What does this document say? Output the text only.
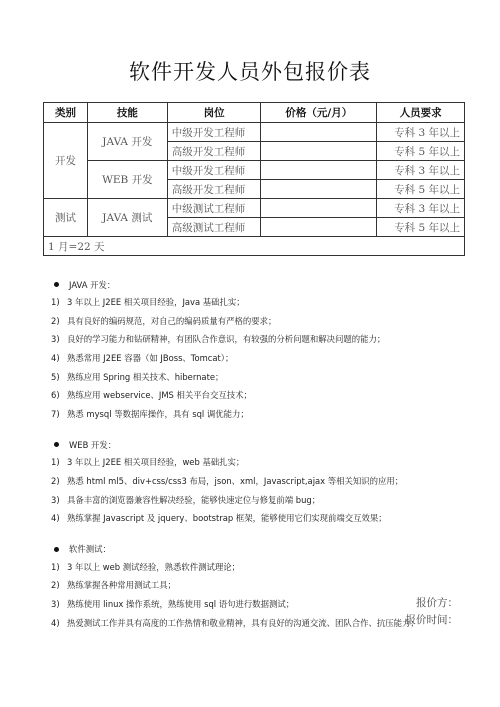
软件开发人员外包报价表
类别	技能	岗位	价格（元/月）	人员要求
开发	JAVA 开发	中级开发工程师		专科 3 年以上
		高级开发工程师		专科 5 年以上
	WEB 开发	中级开发工程师		专科 3 年以上
		高级开发工程师		专科 5 年以上
测试	JAVA 测试	中级测试工程师		专科 3 年以上
		高级测试工程师		专科 5 年以上
1 月=22 天				
JAVA 开发：
1) 3 年以上 J2EE 相关项目经验，Java 基础扎实；
2) 具有良好的编码规范，对自己的编码质量有严格的要求；
3) 良好的学习能力和钻研精神，有团队合作意识，有较强的分析问题和解决问题的能力；
4) 熟悉常用 J2EE 容器（如 JBoss、Tomcat）；
5) 熟练应用 Spring 相关技术、hibernate；
6) 熟练应用 webservice、JMS 相关平台交互技术；
7) 熟悉 mysql 等数据库操作，具有 sql 调优能力；
WEB 开发：
1) 3 年以上 J2EE 相关项目经验，web 基础扎实；
2) 熟悉 html ml5、div+css/css3 布局，json、xml，Javascript,ajax 等相关知识的应用；
3) 具备丰富的浏览器兼容性解决经验，能够快速定位与修复前端 bug；
4) 熟练掌握 Javascript 及 jquery、bootstrap 框架，能够使用它们实现前端交互效果；
软件测试：
1) 3 年以上 web 测试经验，熟悉软件测试理论；
2) 熟练掌握各种常用测试工具；
3) 熟练使用 linux 操作系统，熟练使用 sql 语句进行数据测试；
4) 热爱测试工作并具有高度的工作热情和敬业精神，具有良好的沟通交流、团队合作、抗压能力；
报价方：
报价时间：
